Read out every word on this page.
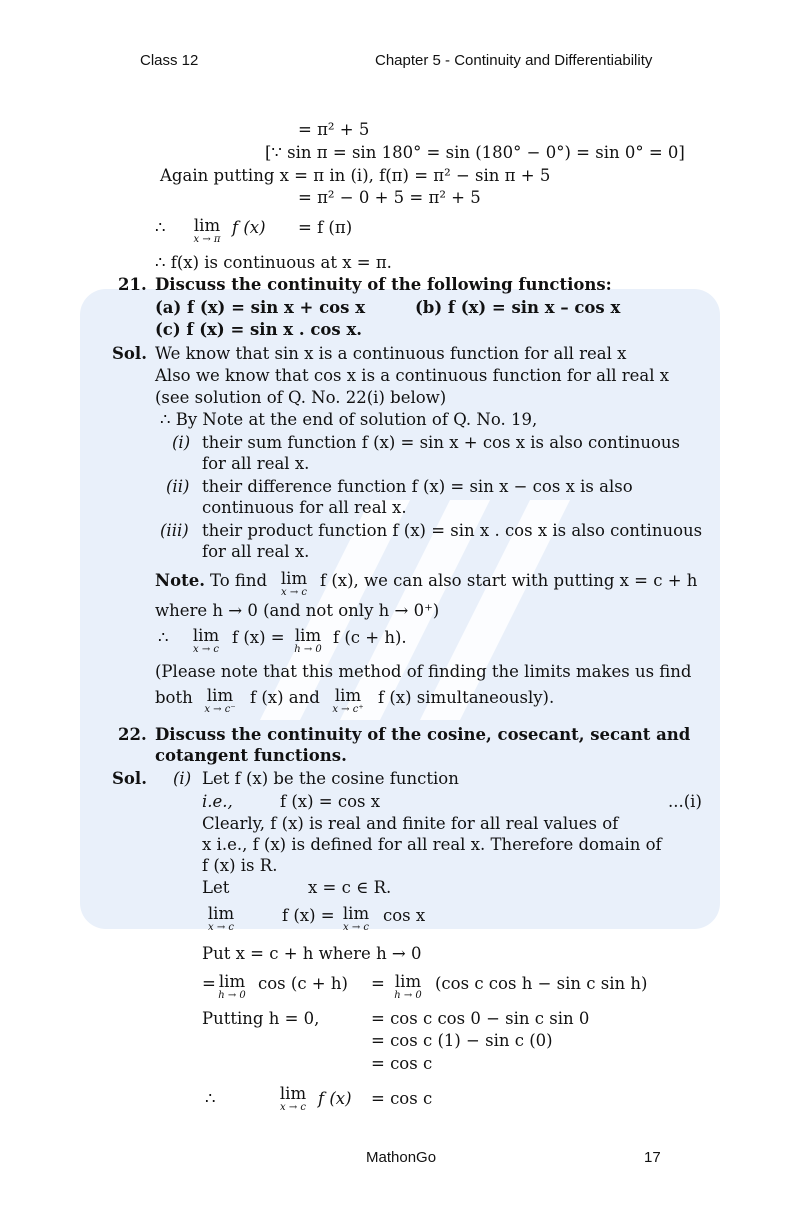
Class 12	Chapter 5 - Continuity and Differentiability
= π² + 5
[∵ sin π = sin 180° = sin (180° − 0°) = sin 0° = 0]
Again putting x = π in (i), f(π) = π² − sin π + 5
= π² − 0 + 5 = π² + 5
∴	lim
x → π
f (x) = f (π)
∴ f(x) is continuous at x = π.
21. Discuss the continuity of the following functions:
(a) f (x) = sin x + cos x	(b) f (x) = sin x – cos x
(c) f (x) = sin x . cos x.
Sol. We know that sin x is a continuous function for all real x
Also we know that cos x is a continuous function for all real x
(see solution of Q. No. 22(i) below)
∴ By Note at the end of solution of Q. No. 19,
(i) their sum function f (x) = sin x + cos x is also continuous
for all real x.
(ii) their difference function f (x) = sin x − cos x is also
continuous for all real x.
(iii) their product function f (x) = sin x . cos x is also continuous
for all real x.
Note. To find lim
x → c
f (x), we can also start with putting x = c + h
where h → 0 (and not only h → 0⁺)
∴ lim
x → c
f (x) = lim
h → 0
f (c + h).
(Please note that this method of finding the limits makes us find
both lim
x → c⁻
f (x) and lim
x → c⁺
f (x) simultaneously).
22. Discuss the continuity of the cosine, cosecant, secant and
cotangent functions.
Sol. (i) Let f (x) be the cosine function
i.e.,	f (x) = cos x	...(i)
Clearly, f (x) is real and finite for all real values of
x i.e., f (x) is defined for all real x. Therefore domain of
f (x) is R.
Let	x = c ∈ R.
lim
x → c
f (x) = lim
x → c
cos x
Put x = c + h where h → 0
= lim
h → 0
cos (c + h) = lim
h → 0
(cos c cos h − sin c sin h)
Putting h = 0,	= cos c cos 0 − sin c sin 0
= cos c (1) − sin c (0)
= cos c
∴	lim
x → c f (x) = cos c
MathonGo	17
